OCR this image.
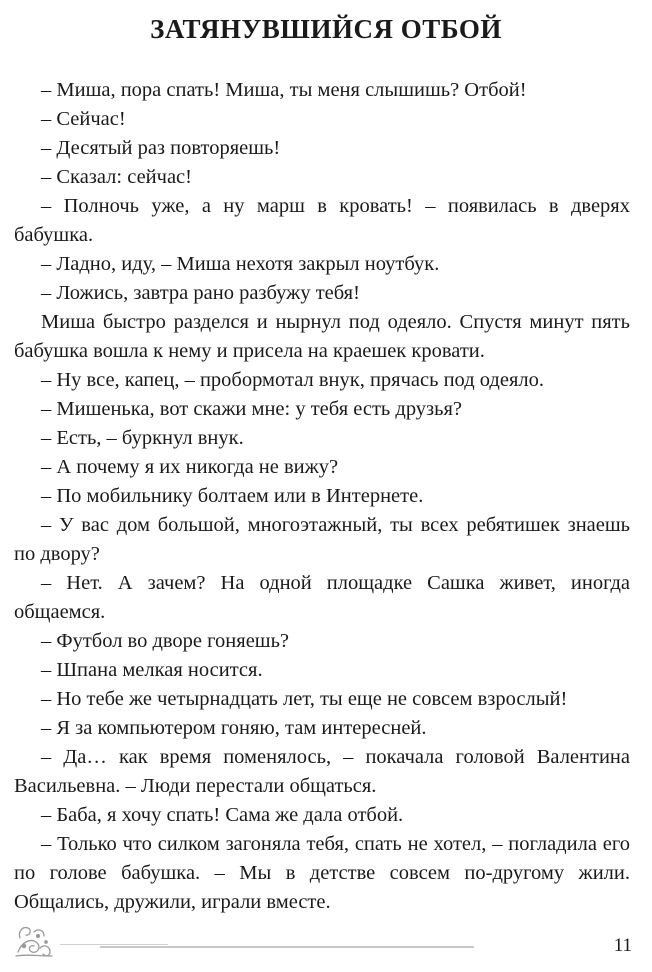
ЗАТЯНУВШИЙСЯ ОТБОЙ

– Миша, пора спать! Миша, ты меня слышишь? Отбой!

– Сейчас!

– Десятый раз повторяешь!

– Сказал: сейчас!

– Полночь уже, а ну марш в кровать! – появилась в дверях бабушка.

– Ладно, иду, – Миша нехотя закрыл ноутбук.

– Ложись, завтра рано разбужу тебя!

Миша быстро разделся и нырнул под одеяло. Спустя минут пять бабушка вошла к нему и присела на краешек кровати.

– Ну все, капец, – пробормотал внук, прячась под одеяло.

– Мишенька, вот скажи мне: у тебя есть друзья?

– Есть, – буркнул внук.

– А почему я их никогда не вижу?

– По мобильнику болтаем или в Интернете.

– У вас дом большой, многоэтажный, ты всех ребятишек знаешь по двору?

– Нет. А зачем? На одной площадке Сашка живет, иногда общаемся.

– Футбол во дворе гоняешь?

– Шпана мелкая носится.

– Но тебе же четырнадцать лет, ты еще не совсем взрослый!

– Я за компьютером гоняю, там интересней.

– Да… как время поменялось, – покачала головой Валентина Васильевна. – Люди перестали общаться.

– Баба, я хочу спать! Сама же дала отбой.

– Только что силком загоняла тебя, спать не хотел, – погладила его по голове бабушка. – Мы в детстве совсем по-другому жили. Общались, дружили, играли вместе.

11
